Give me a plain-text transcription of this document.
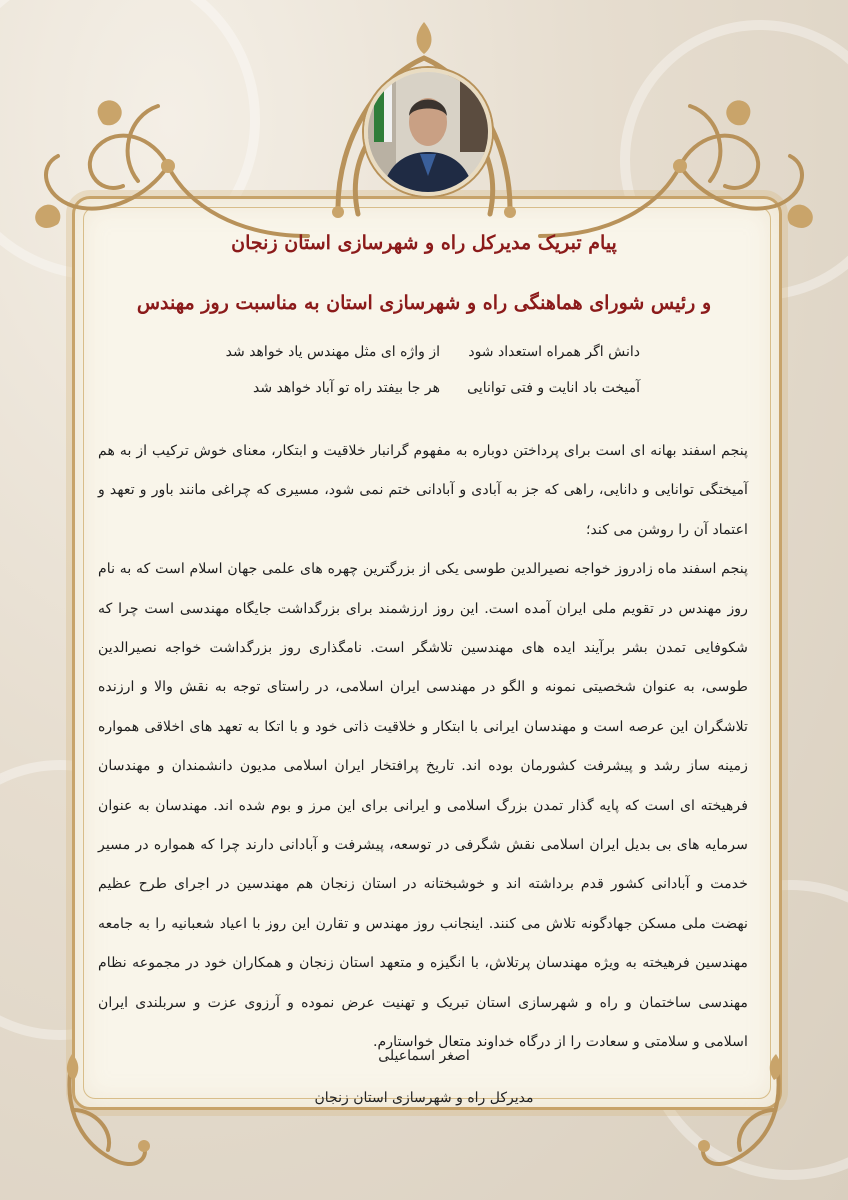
پیام تبریک مدیرکل راه و شهرسازی استان زنجان
و رئیس شورای هماهنگی راه و شهرسازی استان به مناسبت روز مهندس
دانش اگر همراه استعداد شود
از واژه ای مثل مهندس یاد خواهد شد
آمیخت باد انایت و فتی توانایی
هر جا بیفتد راه تو آباد خواهد شد
پنجم اسفند بهانه ای است برای پرداختن دوباره به مفهوم گرانبار خلاقیت و ابتکار، معنای خوش ترکیب از به هم آمیختگی توانایی و دانایی، راهی که جز به آبادی و آبادانی ختم نمی شود، مسیری که چراغی مانند باور و تعهد و اعتماد آن را روشن می کند؛
پنجم اسفند ماه زادروز خواجه نصیرالدین طوسی یکی از بزرگترین چهره های علمی جهان اسلام است که به نام روز مهندس در تقویم ملی ایران آمده است. این روز ارزشمند برای بزرگداشت جایگاه مهندسی است چرا که شکوفایی تمدن بشر برآیند ایده های مهندسین تلاشگر است. نامگذاری روز بزرگداشت خواجه نصیرالدین طوسی، به عنوان شخصیتی نمونه و الگو در مهندسی ایران اسلامی، در راستای توجه به نقش والا و ارزنده تلاشگران این عرصه است و مهندسان ایرانی با ابتکار و خلاقیت ذاتی خود و با اتکا به تعهد های اخلاقی همواره زمینه ساز رشد و پیشرفت کشورمان بوده اند. تاریخ پرافتخار ایران اسلامی مدیون دانشمندان و مهندسان فرهیخته ای است که پایه گذار تمدن بزرگ اسلامی و ایرانی برای این مرز و بوم شده اند. مهندسان به عنوان سرمایه های بی بدیل ایران اسلامی نقش شگرفی در توسعه، پیشرفت و آبادانی دارند چرا که همواره در مسیر خدمت و آبادانی کشور قدم برداشته اند و خوشبختانه در استان زنجان هم مهندسین در اجرای طرح عظیم نهضت ملی مسکن جهادگونه تلاش می کنند. اینجانب روز مهندس و تقارن این روز با اعیاد شعبانیه را به جامعه مهندسین فرهیخته به ویژه مهندسان پرتلاش، با انگیزه و متعهد استان زنجان و همکاران خود در مجموعه نظام مهندسی ساختمان و راه و شهرسازی استان تبریک و تهنیت عرض نموده و آرزوی عزت و سربلندی ایران اسلامی و سلامتی و سعادت را از درگاه خداوند متعال خواستارم.
اصغر اسماعیلی
مدیرکل راه و شهرسازی استان زنجان
